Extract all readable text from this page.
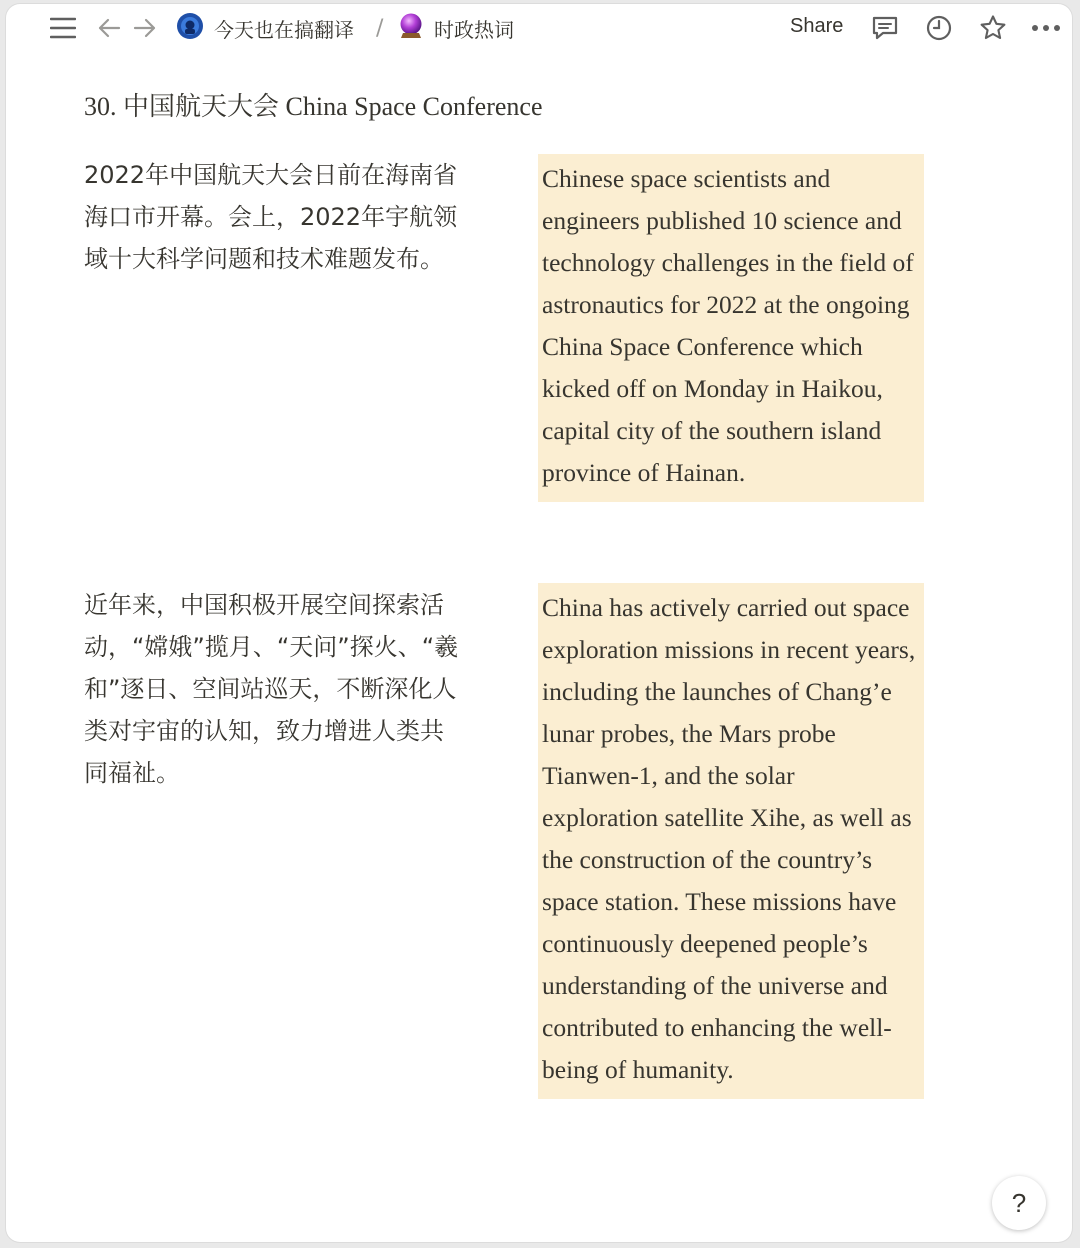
今天也在搞翻译 /	时政热词	Share
30. 中国航天大会 China Space Conference
2022年中国航天大会日前在海南省海口市开幕。会上，2022年宇航领域十大科学问题和技术难题发布。
Chinese space scientists and engineers published 10 science and technology challenges in the field of astronautics for 2022 at the ongoing China Space Conference which kicked off on Monday in Haikou, capital city of the southern island province of Hainan.
近年来，中国积极开展空间探索活动，“嫦娥”揽月、“天问”探火、“羲和”逐日、空间站巡天，不断深化人类对宇宙的认知，致力增进人类共同福祉。
China has actively carried out space exploration missions in recent years, including the launches of Chang’e lunar probes, the Mars probe Tianwen-1, and the solar exploration satellite Xihe, as well as the construction of the country’s space station. These missions have continuously deepened people’s understanding of the universe and contributed to enhancing the well-being of humanity.
?
